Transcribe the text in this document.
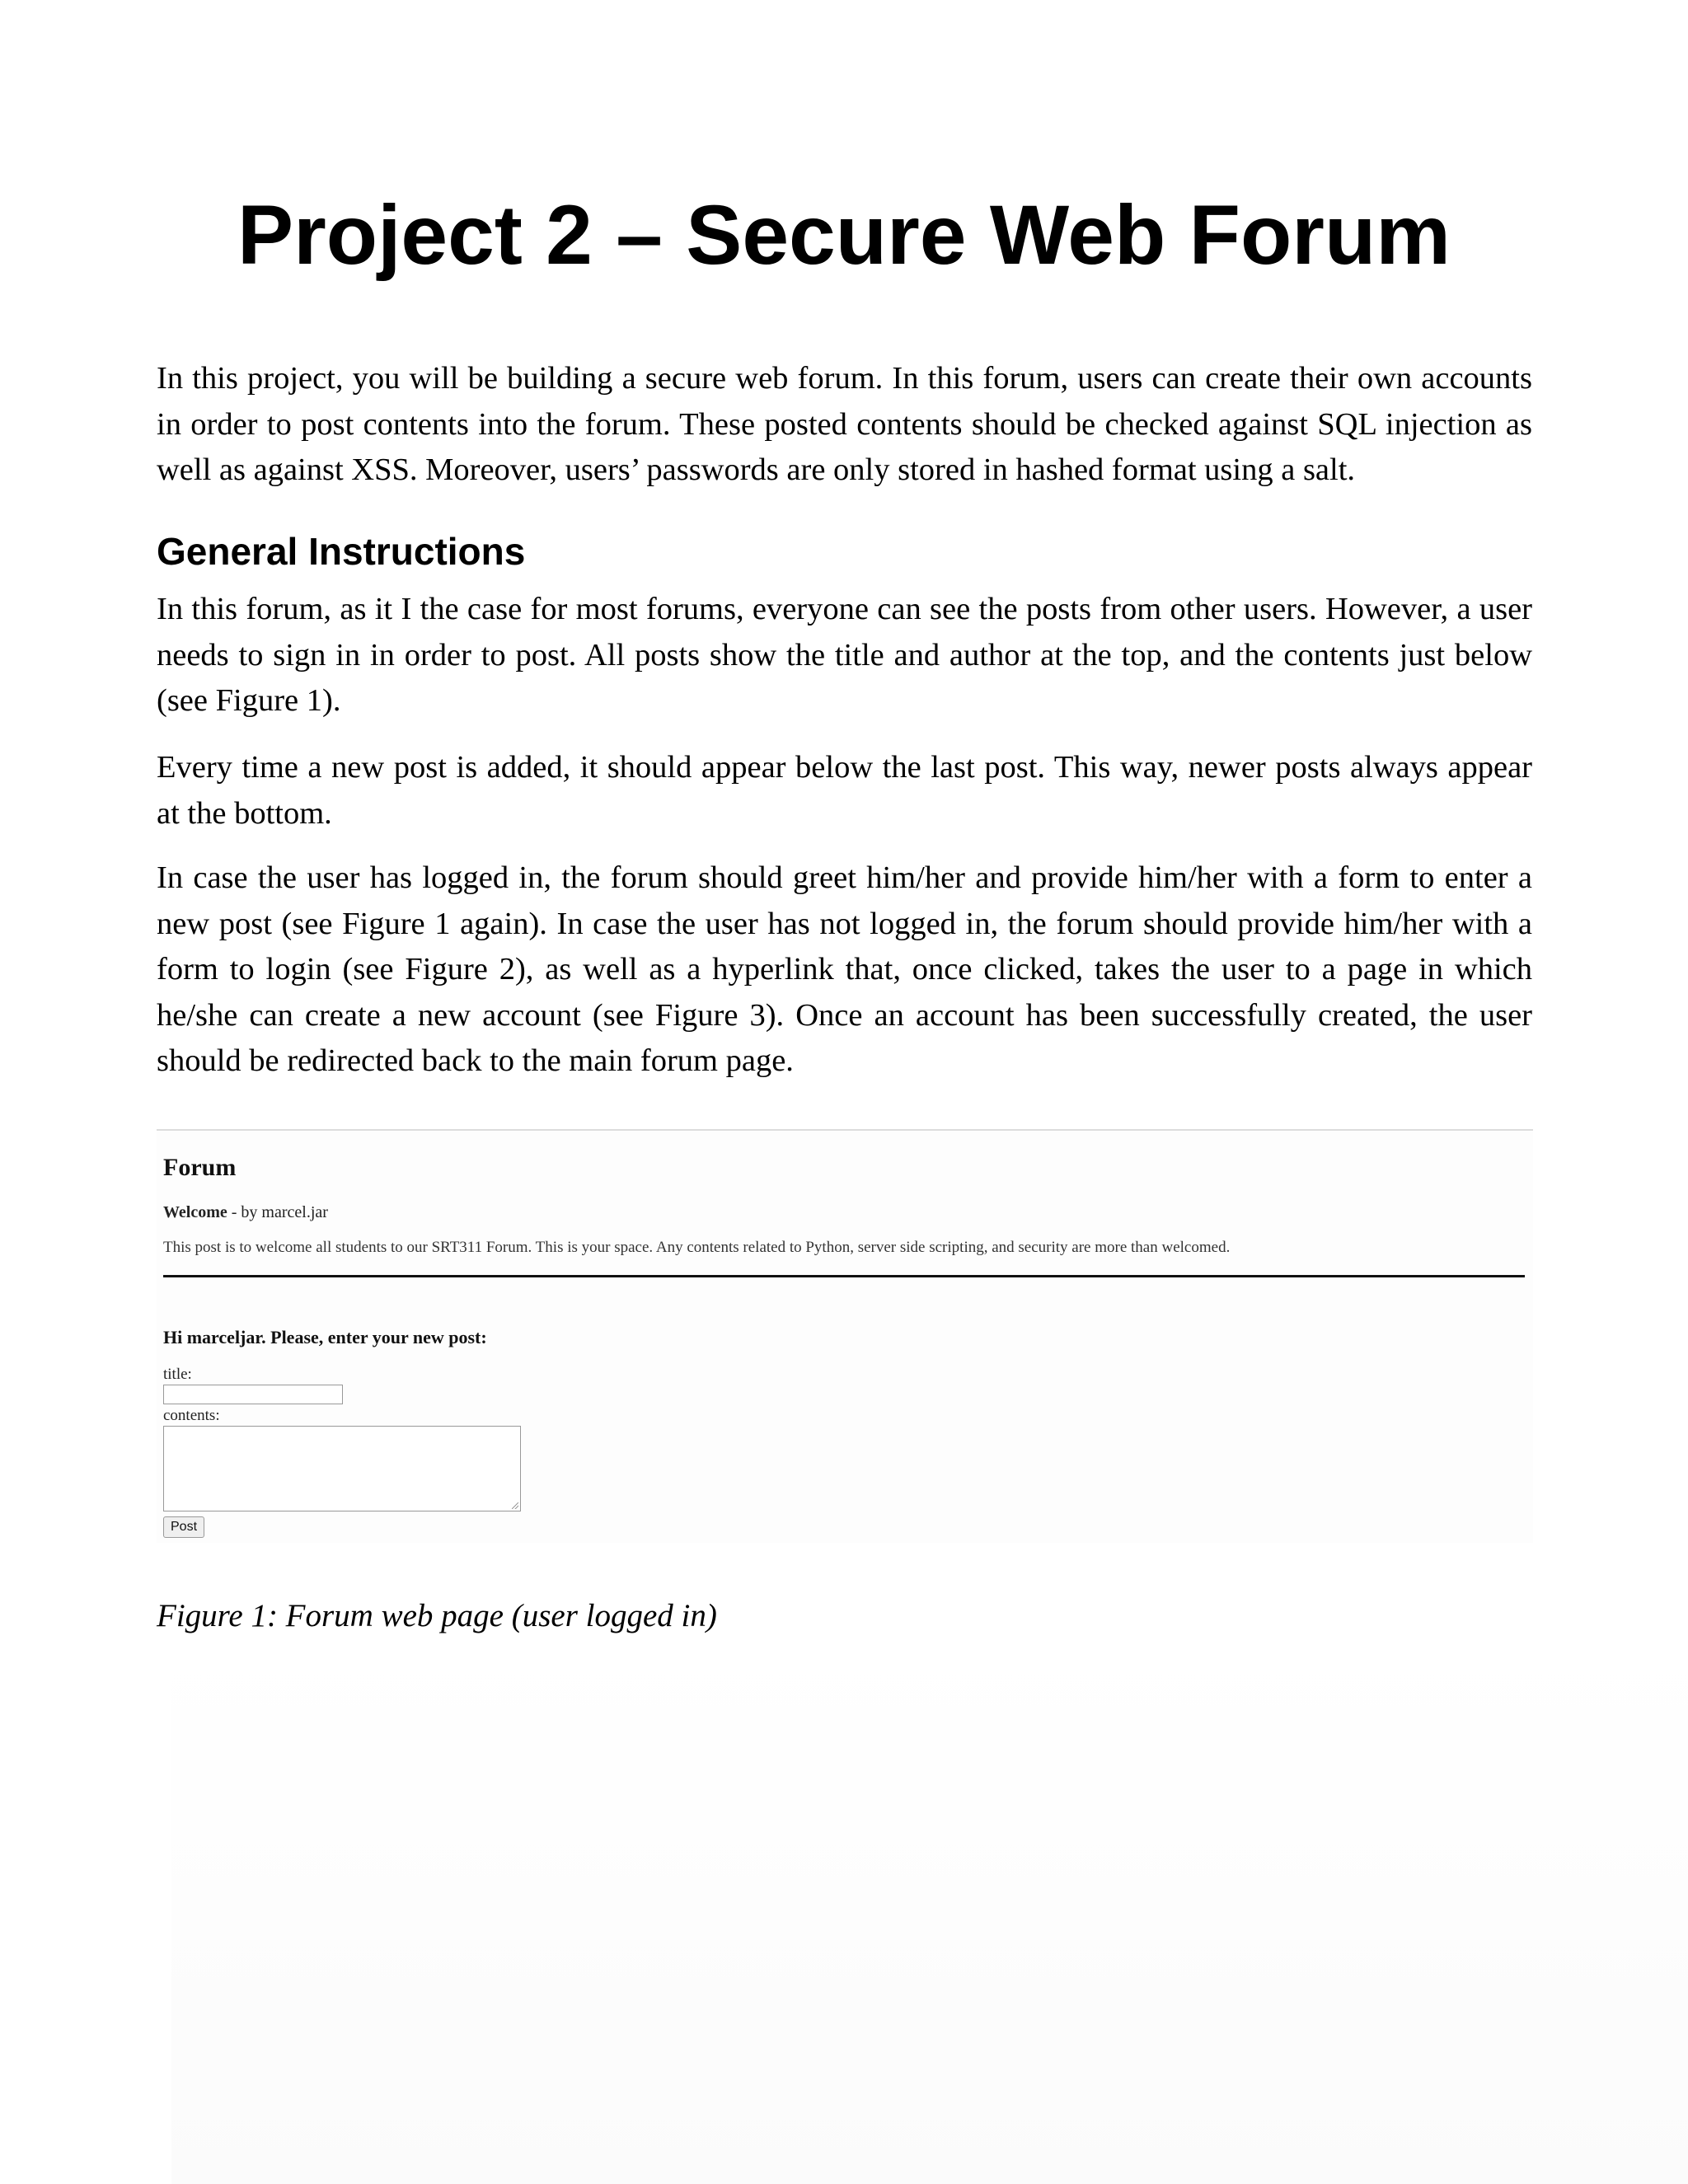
Project 2 – Secure Web Forum

In this project, you will be building a secure web forum. In this forum, users can create their own accounts in order to post contents into the forum. These posted contents should be checked against SQL injection as well as against XSS. Moreover, users’ passwords are only stored in hashed format using a salt.

General Instructions

In this forum, as it I the case for most forums, everyone can see the posts from other users. However, a user needs to sign in in order to post. All posts show the title and author at the top, and the contents just below (see Figure 1).

Every time a new post is added, it should appear below the last post. This way, newer posts always appear at the bottom.

In case the user has logged in, the forum should greet him/her and provide him/her with a form to enter a new post (see Figure 1 again). In case the user has not logged in, the forum should provide him/her with a form to login (see Figure 2), as well as a hyperlink that, once clicked, takes the user to a page in which he/she can create a new account (see Figure 3). Once an account has been successfully created, the user should be redirected back to the main forum page.

Forum
Welcome - by marcel.jar
This post is to welcome all students to our SRT311 Forum. This is your space. Any contents related to Python, server side scripting, and security are more than welcomed.
Hi marceljar. Please, enter your new post:
title:
contents:
Post

Figure 1: Forum web page (user logged in)
